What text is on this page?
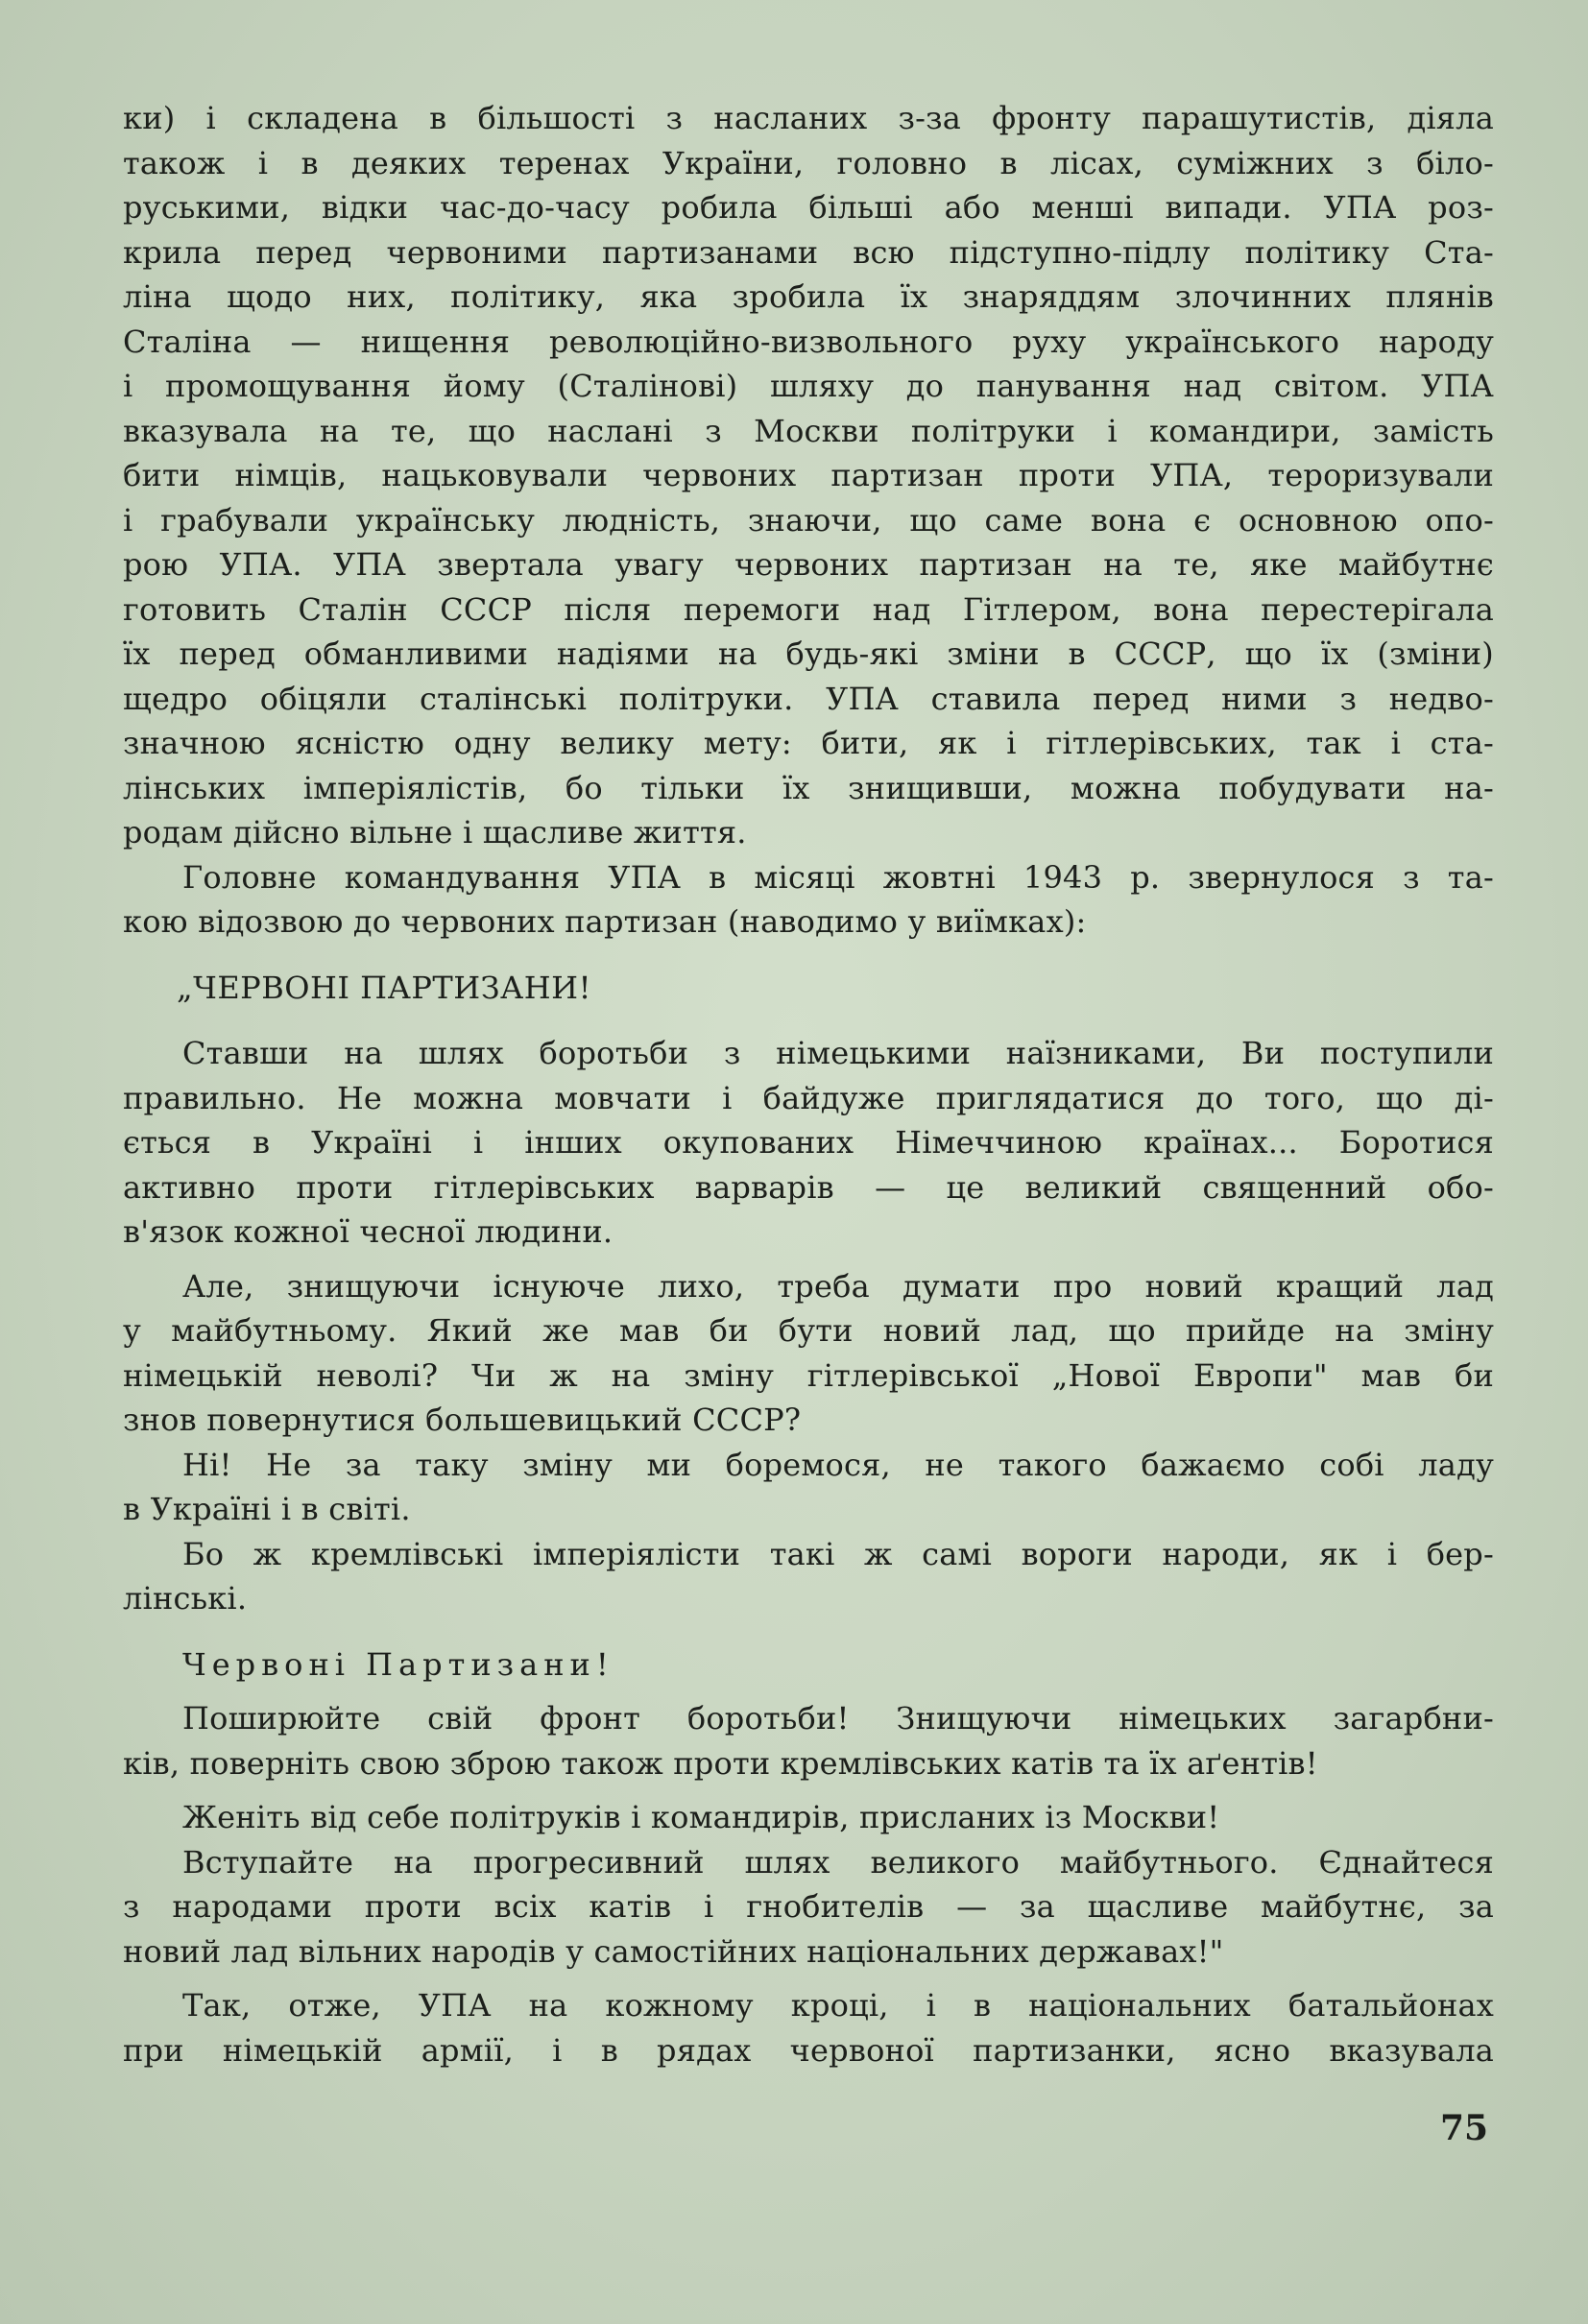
ки) і складена в більшості з насланих з-за фронту парашутистів, діяла
також і в деяких теренах України, головно в лісах, суміжних з біло-
руськими, відки час-до-часу робила більші або менші випади. УПА роз-
крила перед червоними партизанами всю підступно-підлу політику Ста-
ліна щодо них, політику, яка зробила їх знаряддям злочинних плянів
Сталіна — нищення революційно-визвольного руху українського народу
і промощування йому (Сталінові) шляху до панування над світом. УПА
вказувала на те, що наслані з Москви політруки і командири, замість
бити німців, нацьковували червоних партизан проти УПА, тероризували
і грабували українську людність, знаючи, що саме вона є основною опо-
рою УПА. УПА звертала увагу червоних партизан на те, яке майбутнє
готовить Сталін СССР після перемоги над Гітлером, вона перестерігала
їх перед обманливими надіями на будь-які зміни в СССР, що їх (зміни)
щедро обіцяли сталінські політруки. УПА ставила перед ними з недво-
значною ясністю одну велику мету: бити, як і гітлерівських, так і ста-
лінських імперіялістів, бо тільки їх знищивши, можна побудувати на-
родам дійсно вільне і щасливе життя.
Головне командування УПА в місяці жовтні 1943 р. звернулося з та-
кою відозвою до червоних партизан (наводимо у виїмках):
„ЧЕРВОНІ ПАРТИЗАНИ!
Ставши на шлях боротьби з німецькими наїзниками, Ви поступили
правильно. Не можна мовчати і байдуже приглядатися до того, що ді-
ється в Україні і інших окупованих Німеччиною країнах... Боротися
активно проти гітлерівських варварів — це великий священний обо-
в'язок кожної чесної людини.
Але, знищуючи існуюче лихо, треба думати про новий кращий лад
у майбутньому. Який же мав би бути новий лад, що прийде на зміну
німецькій неволі? Чи ж на зміну гітлерівської „Нової Европи" мав би
знов повернутися большевицький СССР?
Ні! Не за таку зміну ми боремося, не такого бажаємо собі ладу
в Україні і в світі.
Бо ж кремлівські імперіялісти такі ж самі вороги народи, як і бер-
лінські.
Червоні Партизани!
Поширюйте свій фронт боротьби! Знищуючи німецьких загарбни-
ків, поверніть свою зброю також проти кремлівських катів та їх аґентів!
Женіть від себе політруків і командирів, присланих із Москви!
Вступайте на прогресивний шлях великого майбутнього. Єднайтеся
з народами проти всіх катів і гнобителів — за щасливе майбутнє, за
новий лад вільних народів у самостійних національних державах!"
Так, отже, УПА на кожному кроці, і в національних батальйонах
при німецькій армії, і в рядах червоної партизанки, ясно вказувала
75
